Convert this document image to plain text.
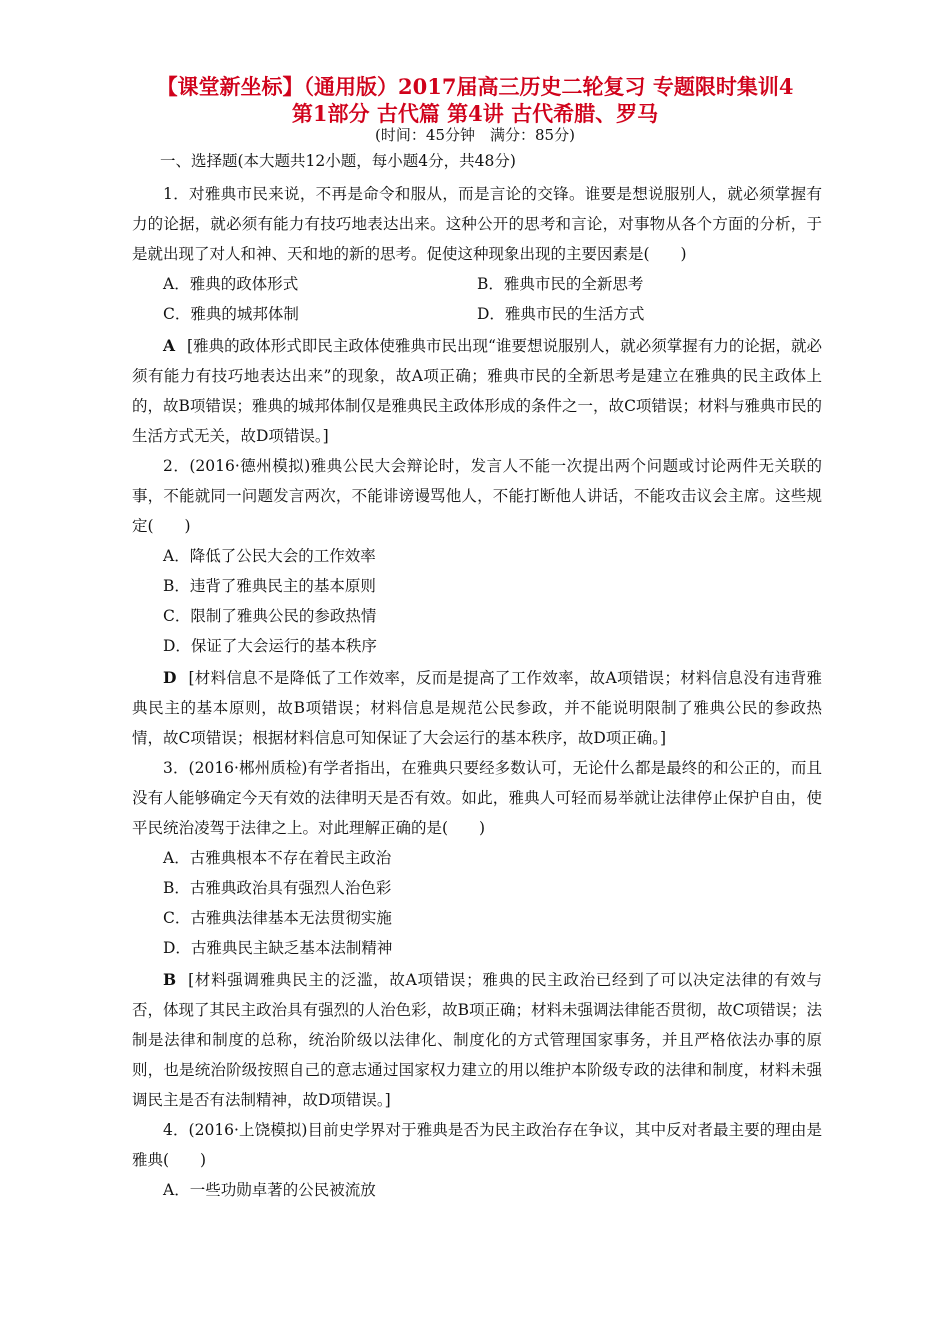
【课堂新坐标】（通用版）2017届高三历史二轮复习 专题限时集训4
第1部分 古代篇 第4讲 古代希腊、罗马
(时间：45分钟　满分：85分)
一、选择题(本大题共12小题，每小题4分，共48分)

1．对雅典市民来说，不再是命令和服从，而是言论的交锋。谁要是想说服别人，就必须掌握有力的论据，就必须有能力有技巧地表达出来。这种公开的思考和言论，对事物从各个方面的分析，于是就出现了对人和神、天和地的新的思考。促使这种现象出现的主要因素是(　　)

A．雅典的政体形式	B．雅典市民的全新思考
C．雅典的城邦体制	D．雅典市民的生活方式

A [雅典的政体形式即民主政体使雅典市民出现“谁要想说服别人，就必须掌握有力的论据，就必须有能力有技巧地表达出来”的现象，故A项正确；雅典市民的全新思考是建立在雅典的民主政体上的，故B项错误；雅典的城邦体制仅是雅典民主政体形成的条件之一，故C项错误；材料与雅典市民的生活方式无关，故D项错误。]

2．(2016·德州模拟)雅典公民大会辩论时，发言人不能一次提出两个问题或讨论两件无关联的事，不能就同一问题发言两次，不能诽谤谩骂他人，不能打断他人讲话，不能攻击议会主席。这些规定(　　)

A．降低了公民大会的工作效率
B．违背了雅典民主的基本原则
C．限制了雅典公民的参政热情
D．保证了大会运行的基本秩序

D [材料信息不是降低了工作效率，反而是提高了工作效率，故A项错误；材料信息没有违背雅典民主的基本原则，故B项错误；材料信息是规范公民参政，并不能说明限制了雅典公民的参政热情，故C项错误；根据材料信息可知保证了大会运行的基本秩序，故D项正确。]

3．(2016·郴州质检)有学者指出，在雅典只要经多数认可，无论什么都是最终的和公正的，而且没有人能够确定今天有效的法律明天是否有效。如此，雅典人可轻而易举就让法律停止保护自由，使平民统治凌驾于法律之上。对此理解正确的是(　　)

A．古雅典根本不存在着民主政治
B．古雅典政治具有强烈人治色彩
C．古雅典法律基本无法贯彻实施
D．古雅典民主缺乏基本法制精神

B [材料强调雅典民主的泛滥，故A项错误；雅典的民主政治已经到了可以决定法律的有效与否，体现了其民主政治具有强烈的人治色彩，故B项正确；材料未强调法律能否贯彻，故C项错误；法制是法律和制度的总称，统治阶级以法律化、制度化的方式管理国家事务，并且严格依法办事的原则，也是统治阶级按照自己的意志通过国家权力建立的用以维护本阶级专政的法律和制度，材料未强调民主是否有法制精神，故D项错误。]

4．(2016·上饶模拟)目前史学界对于雅典是否为民主政治存在争议，其中反对者最主要的理由是雅典(　　)

A．一些功勋卓著的公民被流放
